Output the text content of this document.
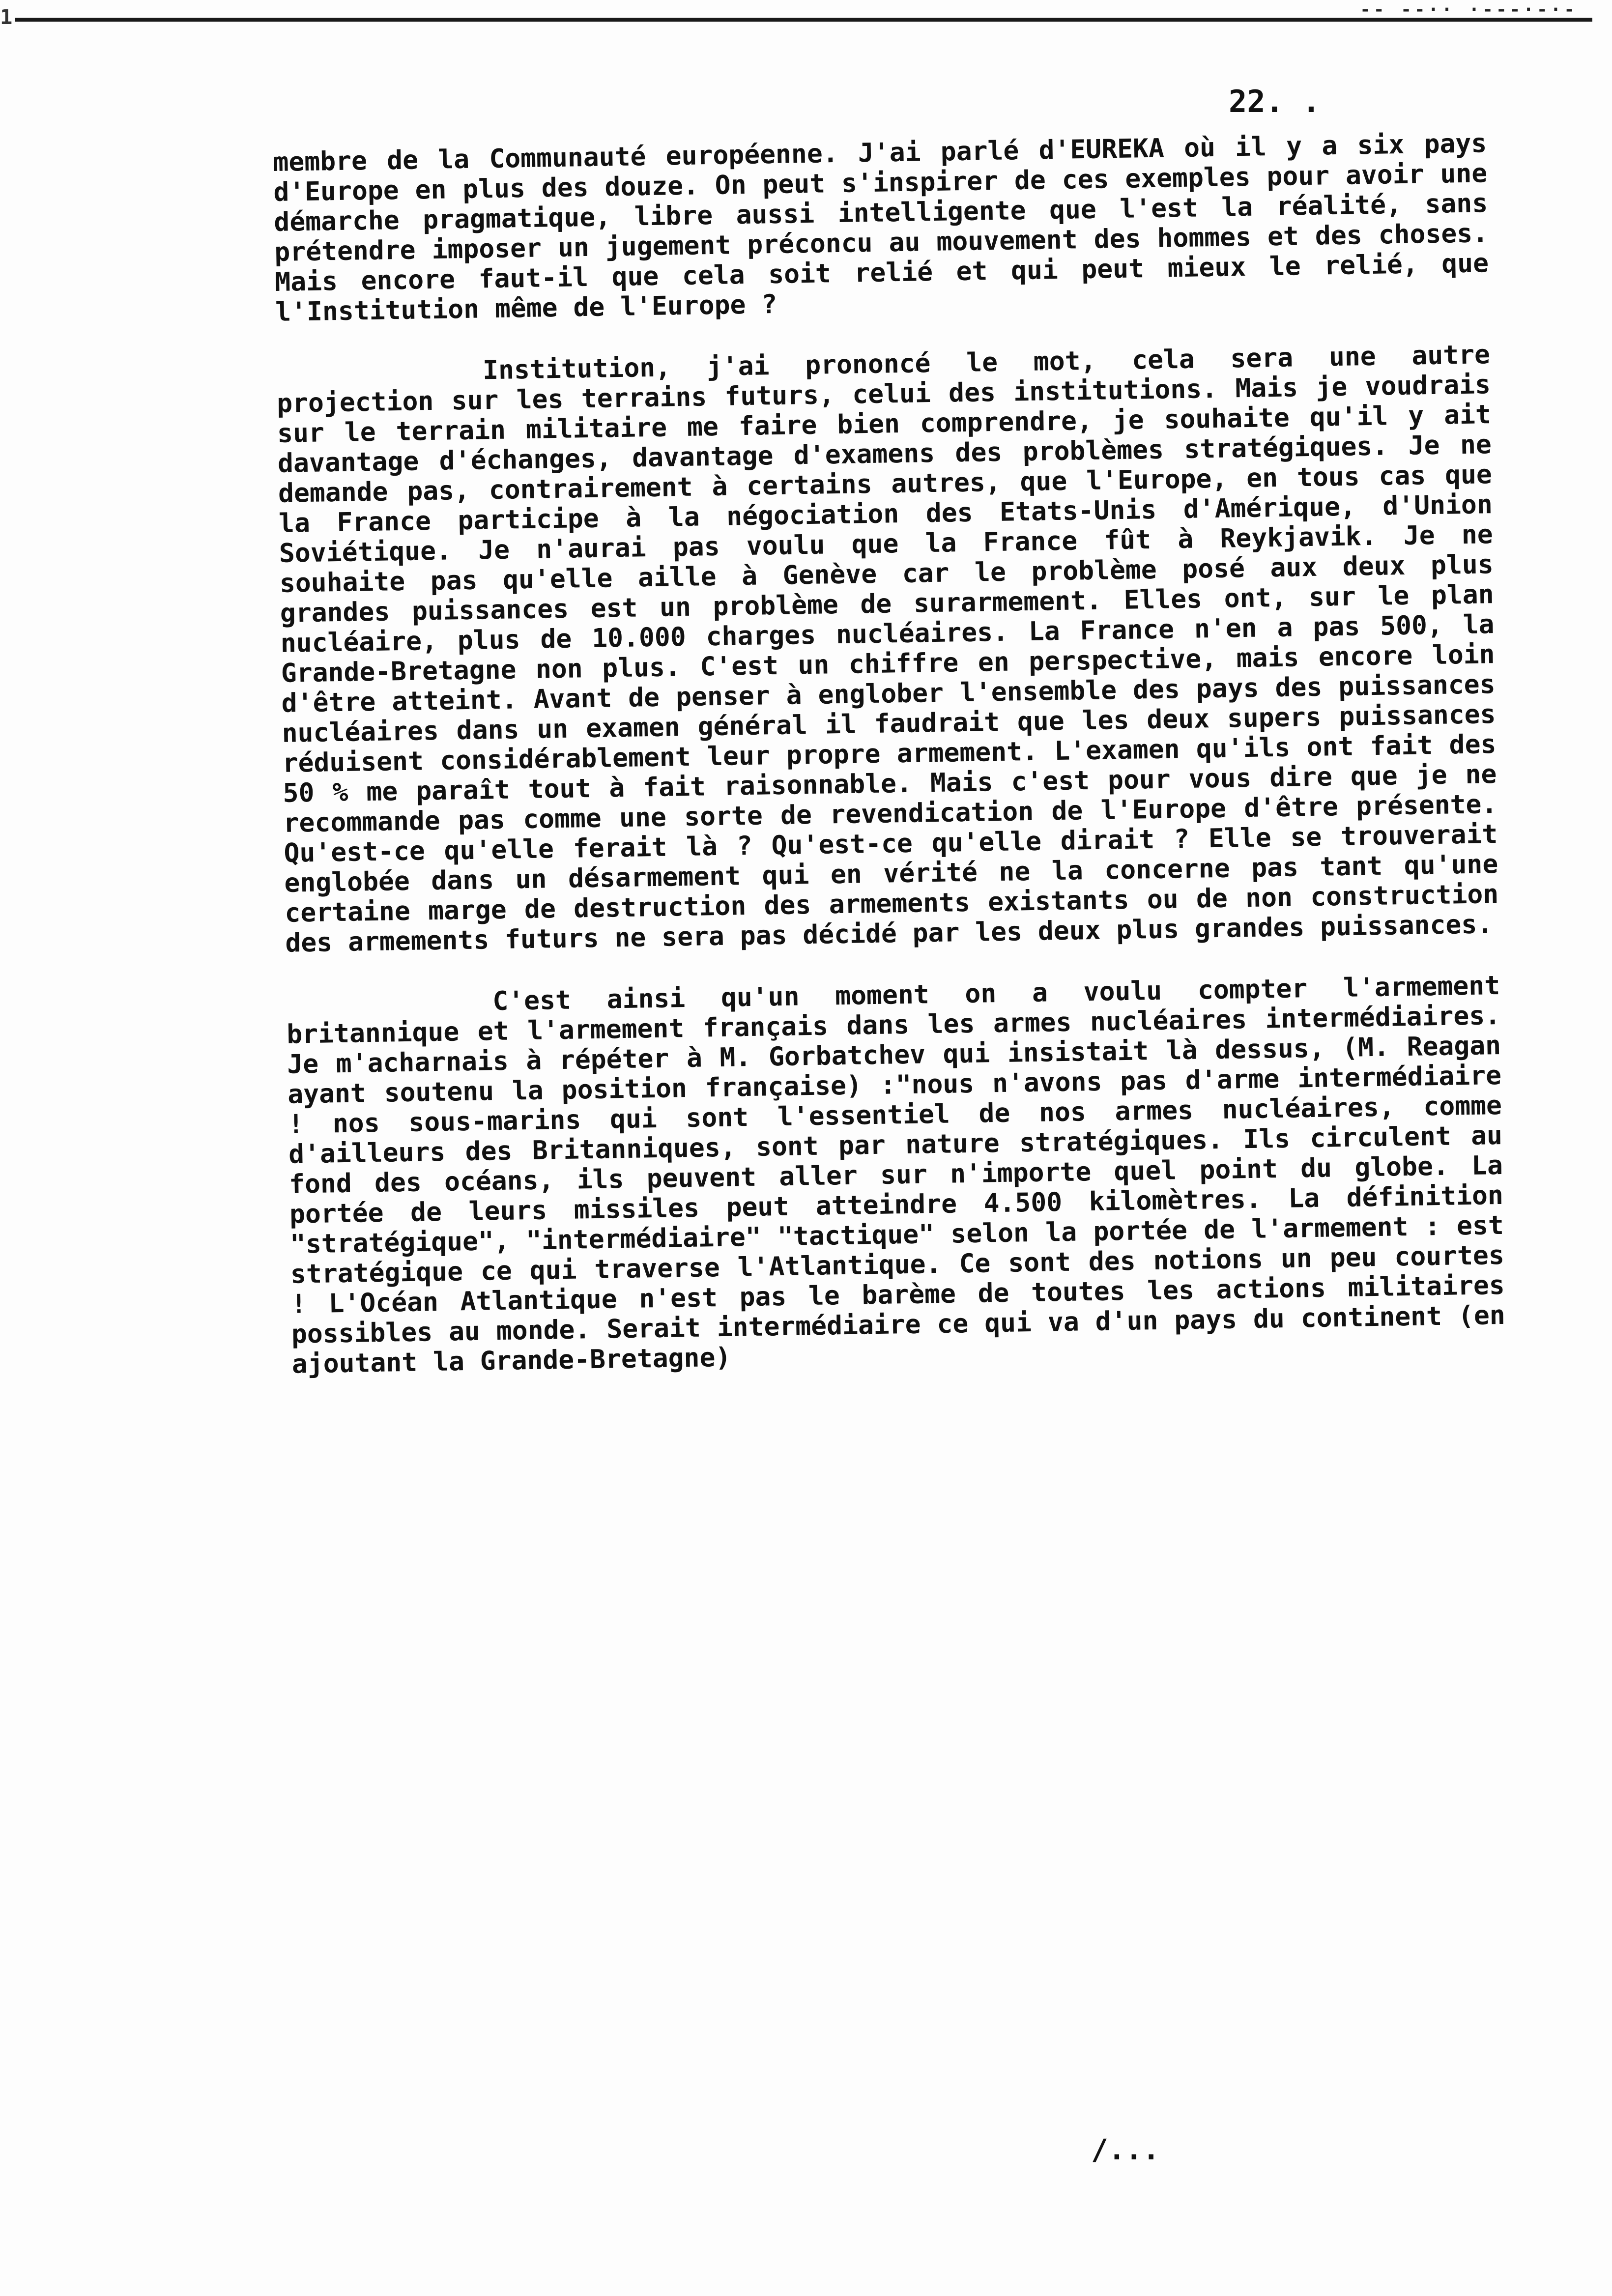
1	-- --·· ·---·-·-
22. .

membre de la Communauté européenne. J'ai parlé d'EUREKA où il y a six pays d'Europe en plus des douze. On peut s'inspirer de ces exemples pour avoir une démarche pragmatique, libre aussi intelligente que l'est la réalité, sans prétendre imposer un jugement préconcu au mouvement des hommes et des choses. Mais encore faut-il que cela soit relié et qui peut mieux le relié, que l'Institution même de l'Europe ?

Institution, j'ai prononcé le mot, cela sera une autre projection sur les terrains futurs, celui des institutions. Mais je voudrais sur le terrain militaire me faire bien comprendre, je souhaite qu'il y ait davantage d'échanges, davantage d'examens des problèmes stratégiques. Je ne demande pas, contrairement à certains autres, que l'Europe, en tous cas que la France participe à la négociation des Etats-Unis d'Amérique, d'Union Soviétique. Je n'aurai pas voulu que la France fût à Reykjavik. Je ne souhaite pas qu'elle aille à Genève car le problème posé aux deux plus grandes puissances est un problème de surarmement. Elles ont, sur le plan nucléaire, plus de 10.000 charges nucléaires. La France n'en a pas 500, la Grande-Bretagne non plus. C'est un chiffre en perspective, mais encore loin d'être atteint. Avant de penser à englober l'ensemble des pays des puissances nucléaires dans un examen général il faudrait que les deux supers puissances réduisent considérablement leur propre armement. L'examen qu'ils ont fait des 50 % me paraît tout à fait raisonnable. Mais c'est pour vous dire que je ne recommande pas comme une sorte de revendication de l'Europe d'être présente. Qu'est-ce qu'elle ferait là ? Qu'est-ce qu'elle dirait ? Elle se trouverait englobée dans un désarmement qui en vérité ne la concerne pas tant qu'une certaine marge de destruction des armements existants ou de non construction des armements futurs ne sera pas décidé par les deux plus grandes puissances.

C'est ainsi qu'un moment on a voulu compter l'armement britannique et l'armement français dans les armes nucléaires intermédiaires. Je m'acharnais à répéter à M. Gorbatchev qui insistait là dessus, (M. Reagan ayant soutenu la position française) :"nous n'avons pas d'arme intermédiaire ! nos sous-marins qui sont l'essentiel de nos armes nucléaires, comme d'ailleurs des Britanniques, sont par nature stratégiques. Ils circulent au fond des océans, ils peuvent aller sur n'importe quel point du globe. La portée de leurs missiles peut atteindre 4.500 kilomètres. La définition "stratégique", "intermédiaire" "tactique" selon la portée de l'armement : est stratégique ce qui traverse l'Atlantique. Ce sont des notions un peu courtes ! L'Océan Atlantique n'est pas le barème de toutes les actions militaires possibles au monde. Serait intermédiaire ce qui va d'un pays du continent (en ajoutant la Grande-Bretagne)

/...
